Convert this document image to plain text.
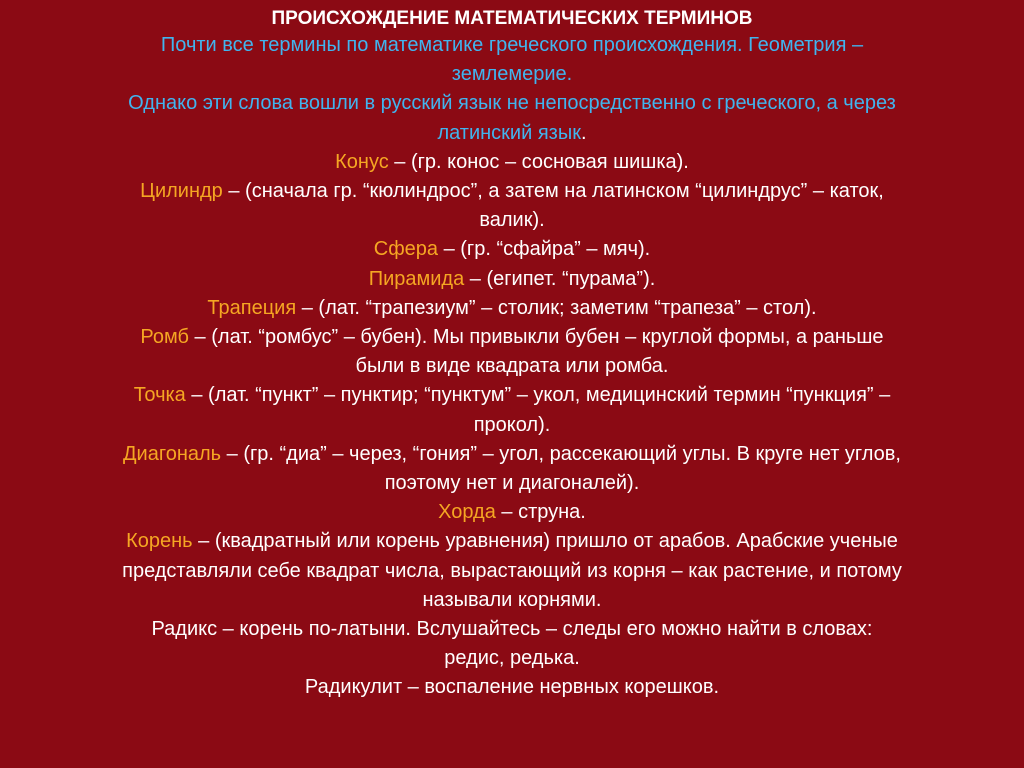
ПРОИСХОЖДЕНИЕ МАТЕМАТИЧЕСКИХ ТЕРМИНОВ

Почти все термины по математике греческого происхождения. Геометрия –

землемерие.

Однако эти слова вошли в русский язык не непосредственно с греческого, а через

латинский язык.

Конус – (гр. конос – сосновая шишка).

Цилиндр – (сначала гр. “кюлиндрос”, а затем на латинском “цилиндрус” – каток,

валик).

Сфера – (гр. “сфайра” – мяч).

Пирамида – (египет. “пурама”).

Трапеция – (лат. “трапезиум” – столик; заметим “трапеза” – стол).

Ромб – (лат. “ромбус” – бубен). Мы привыкли бубен – круглой формы, а раньше

были в виде квадрата или ромба.

Точка – (лат. “пункт” – пунктир; “пунктум” – укол, медицинский термин “пункция” –

прокол).

Диагональ – (гр. “диа” – через, “гония” – угол, рассекающий углы. В круге нет углов,

поэтому нет и диагоналей).

Хорда – струна.

Корень – (квадратный или корень уравнения) пришло от арабов. Арабские ученые

представляли себе квадрат числа, вырастающий из корня – как растение, и потому

называли корнями.

Радикс – корень по-латыни. Вслушайтесь – следы его можно найти в словах:

редис, редька.

Радикулит – воспаление нервных корешков.
